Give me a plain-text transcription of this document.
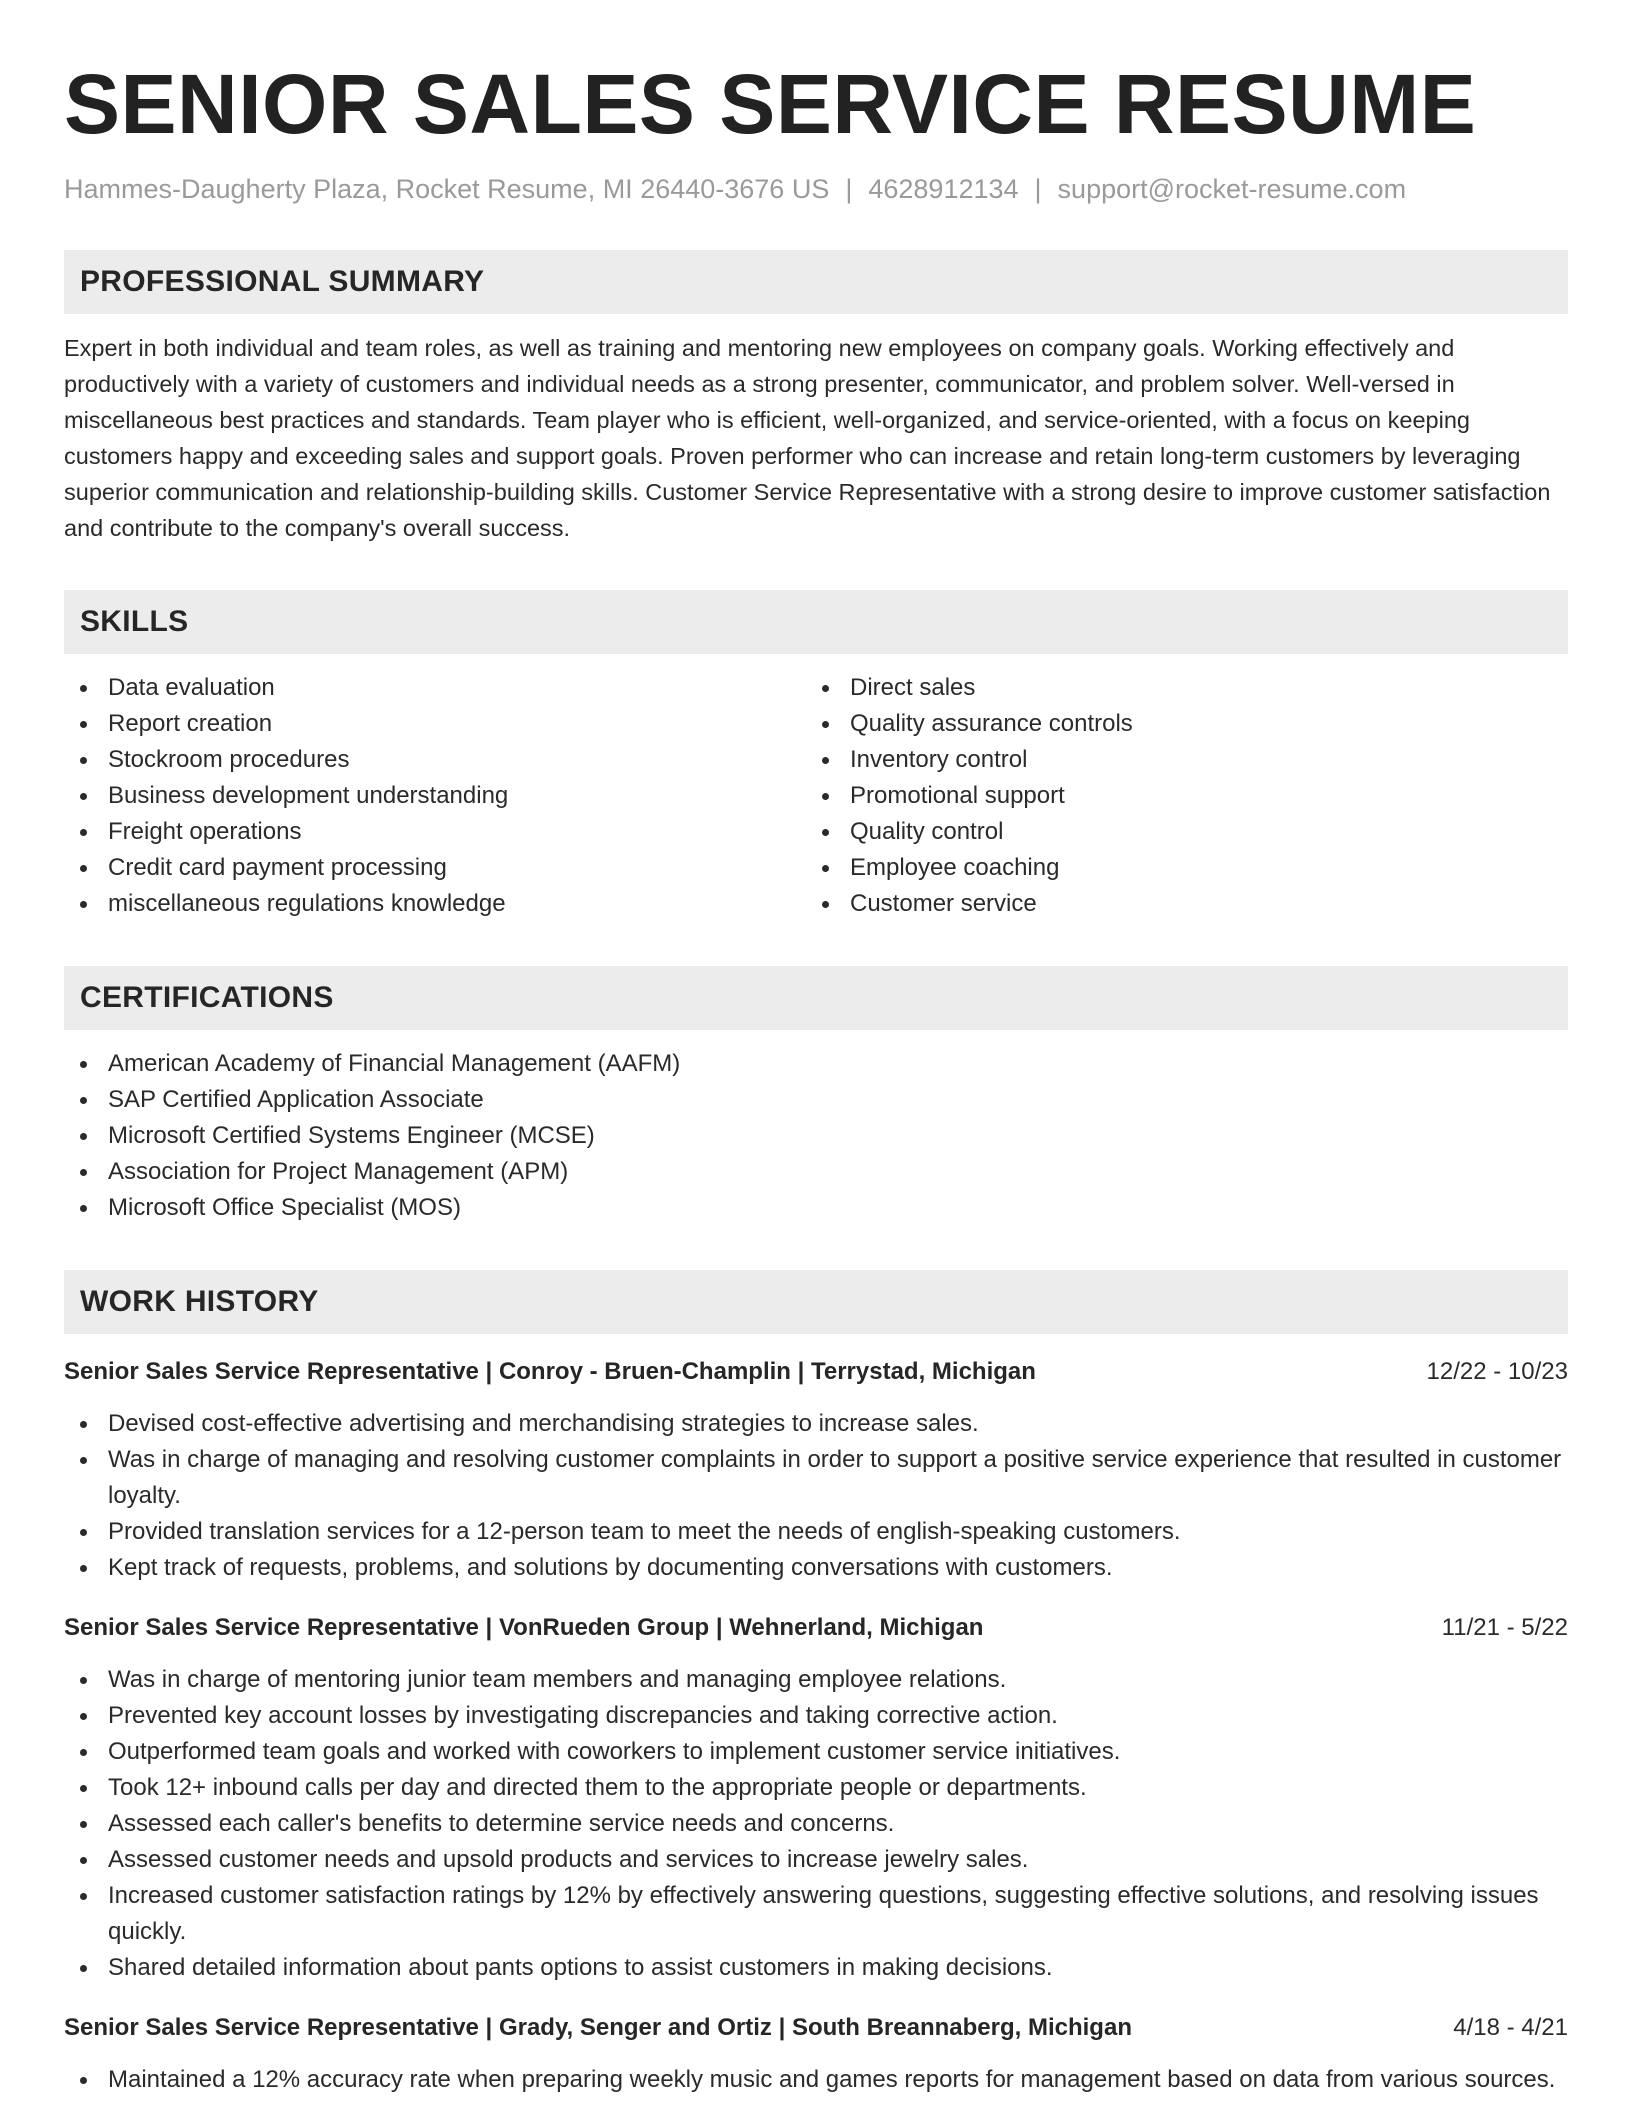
SENIOR SALES SERVICE RESUME
Hammes-Daugherty Plaza, Rocket Resume, MI 26440-3676 US | 4628912134 | support@rocket-resume.com
PROFESSIONAL SUMMARY
Expert in both individual and team roles, as well as training and mentoring new employees on company goals. Working effectively and productively with a variety of customers and individual needs as a strong presenter, communicator, and problem solver. Well-versed in miscellaneous best practices and standards. Team player who is efficient, well-organized, and service-oriented, with a focus on keeping customers happy and exceeding sales and support goals. Proven performer who can increase and retain long-term customers by leveraging superior communication and relationship-building skills. Customer Service Representative with a strong desire to improve customer satisfaction and contribute to the company's overall success.
SKILLS
Data evaluation
Report creation
Stockroom procedures
Business development understanding
Freight operations
Credit card payment processing
miscellaneous regulations knowledge
Direct sales
Quality assurance controls
Inventory control
Promotional support
Quality control
Employee coaching
Customer service
CERTIFICATIONS
American Academy of Financial Management (AAFM)
SAP Certified Application Associate
Microsoft Certified Systems Engineer (MCSE)
Association for Project Management (APM)
Microsoft Office Specialist (MOS)
WORK HISTORY
Senior Sales Service Representative | Conroy - Bruen-Champlin | Terrystad, Michigan	12/22 - 10/23
Devised cost-effective advertising and merchandising strategies to increase sales.
Was in charge of managing and resolving customer complaints in order to support a positive service experience that resulted in customer loyalty.
Provided translation services for a 12-person team to meet the needs of english-speaking customers.
Kept track of requests, problems, and solutions by documenting conversations with customers.
Senior Sales Service Representative | VonRueden Group | Wehnerland, Michigan	11/21 - 5/22
Was in charge of mentoring junior team members and managing employee relations.
Prevented key account losses by investigating discrepancies and taking corrective action.
Outperformed team goals and worked with coworkers to implement customer service initiatives.
Took 12+ inbound calls per day and directed them to the appropriate people or departments.
Assessed each caller's benefits to determine service needs and concerns.
Assessed customer needs and upsold products and services to increase jewelry sales.
Increased customer satisfaction ratings by 12% by effectively answering questions, suggesting effective solutions, and resolving issues quickly.
Shared detailed information about pants options to assist customers in making decisions.
Senior Sales Service Representative | Grady, Senger and Ortiz | South Breannaberg, Michigan	4/18 - 4/21
Maintained a 12% accuracy rate when preparing weekly music and games reports for management based on data from various sources.
